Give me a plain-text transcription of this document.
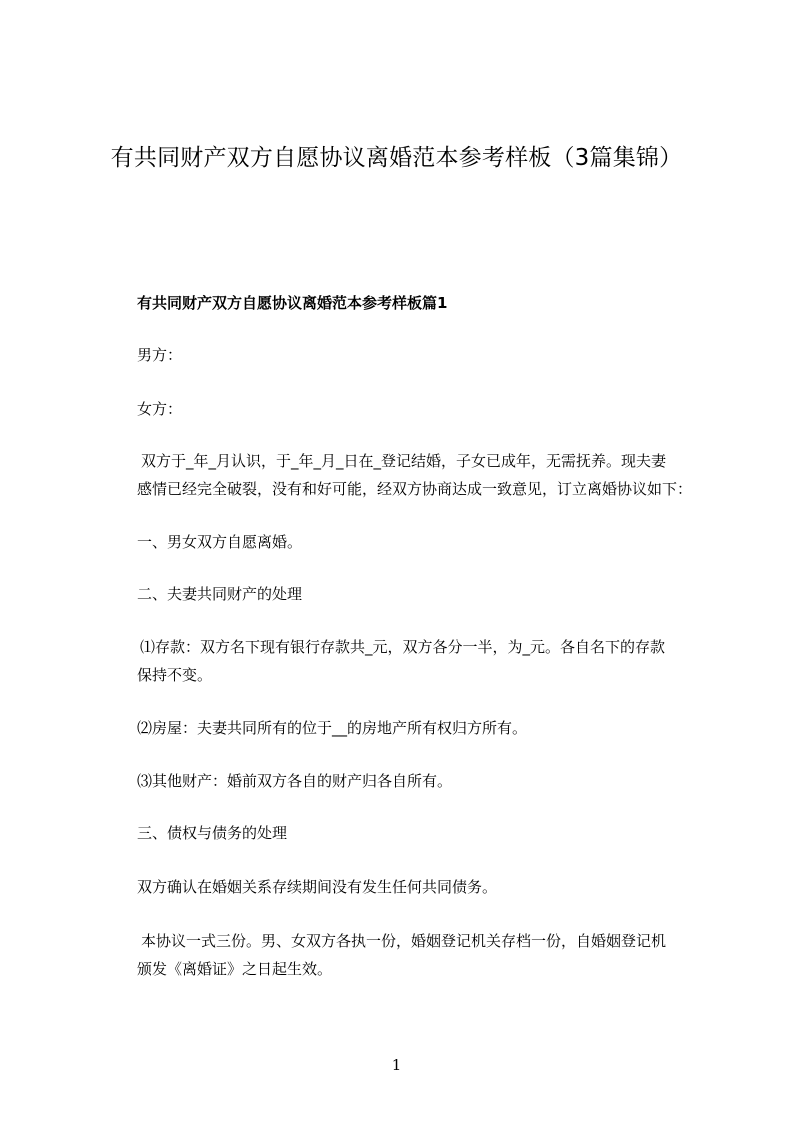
有共同财产双方自愿协议离婚范本参考样板（3篇集锦）
有共同财产双方自愿协议离婚范本参考样板篇1
男方：
女方：
双方于_年_月认识，于_年_月_日在_登记结婚，子女已成年，无需抚养。现夫妻
感情已经完全破裂，没有和好可能，经双方协商达成一致意见，订立离婚协议如下：
一、男女双方自愿离婚。
二、夫妻共同财产的处理
⑴存款：双方名下现有银行存款共_元，双方各分一半，为_元。各自名下的存款
保持不变。
⑵房屋：夫妻共同所有的位于__的房地产所有权归方所有。
⑶其他财产：婚前双方各自的财产归各自所有。
三、债权与债务的处理
双方确认在婚姻关系存续期间没有发生任何共同债务。
本协议一式三份。男、女双方各执一份，婚姻登记机关存档一份，自婚姻登记机
颁发《离婚证》之日起生效。
1
